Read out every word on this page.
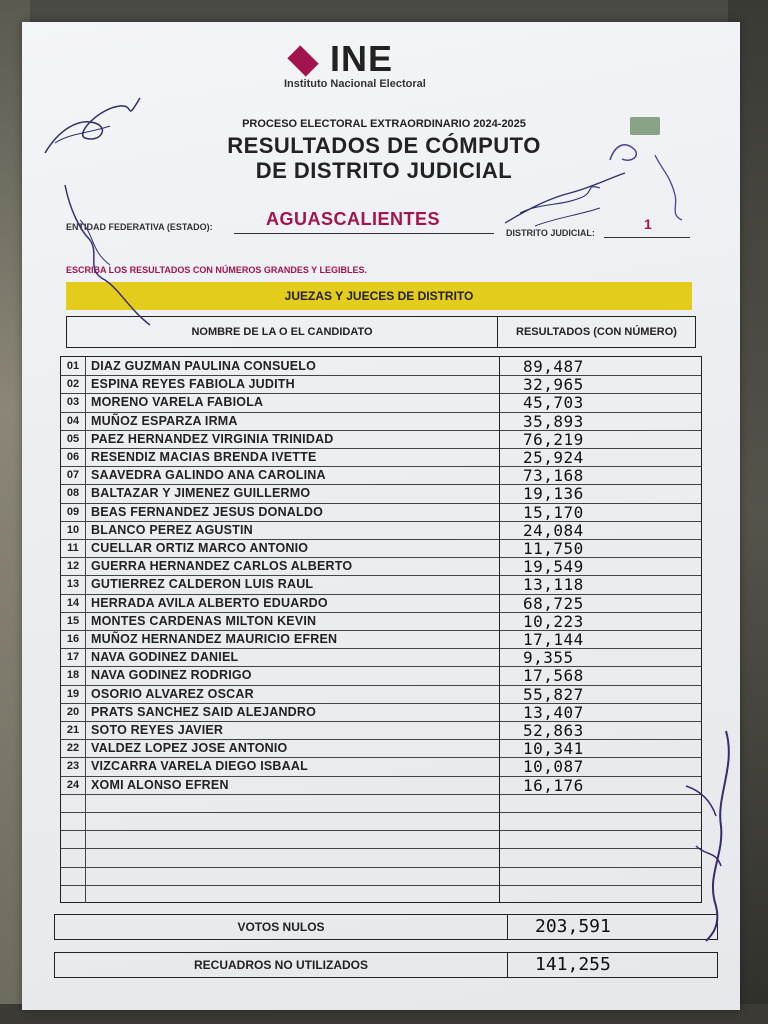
INE
Instituto Nacional Electoral
PROCESO ELECTORAL EXTRAORDINARIO 2024-2025
RESULTADOS DE CÓMPUTO
DE DISTRITO JUDICIAL
ENTIDAD FEDERATIVA (ESTADO):	AGUASCALIENTES
DISTRITO JUDICIAL:
1
ESCRIBA LOS RESULTADOS CON NÚMEROS GRANDES Y LEGIBLES.
JUEZAS Y JUECES DE DISTRITO
NOMBRE DE LA O EL CANDIDATO	RESULTADOS (CON NÚMERO)
01 DIAZ GUZMAN PAULINA CONSUELO	89,487
02 ESPINA REYES FABIOLA JUDITH	32,965
03 MORENO VARELA FABIOLA	45,703
04 MUÑOZ ESPARZA IRMA	35,893
05 PAEZ HERNANDEZ VIRGINIA TRINIDAD	76,219
06 RESENDIZ MACIAS BRENDA IVETTE	25,924
07 SAAVEDRA GALINDO ANA CAROLINA	73,168
08 BALTAZAR Y JIMENEZ GUILLERMO	19,136
09 BEAS FERNANDEZ JESUS DONALDO	15,170
10 BLANCO PEREZ AGUSTIN	24,084
11 CUELLAR ORTIZ MARCO ANTONIO	11,750
12 GUERRA HERNANDEZ CARLOS ALBERTO	19,549
13 GUTIERREZ CALDERON LUIS RAUL	13,118
14 HERRADA AVILA ALBERTO EDUARDO	68,725
15 MONTES CARDENAS MILTON KEVIN	10,223
16 MUÑOZ HERNANDEZ MAURICIO EFREN	17,144
17 NAVA GODINEZ DANIEL	9,355
18 NAVA GODINEZ RODRIGO	17,568
19 OSORIO ALVAREZ OSCAR	55,827
20 PRATS SANCHEZ SAID ALEJANDRO	13,407
21 SOTO REYES JAVIER	52,863
22 VALDEZ LOPEZ JOSE ANTONIO	10,341
23 VIZCARRA VARELA DIEGO ISBAAL	10,087
24 XOMI ALONSO EFREN	16,176
VOTOS NULOS	203,591
RECUADROS NO UTILIZADOS	141,255
